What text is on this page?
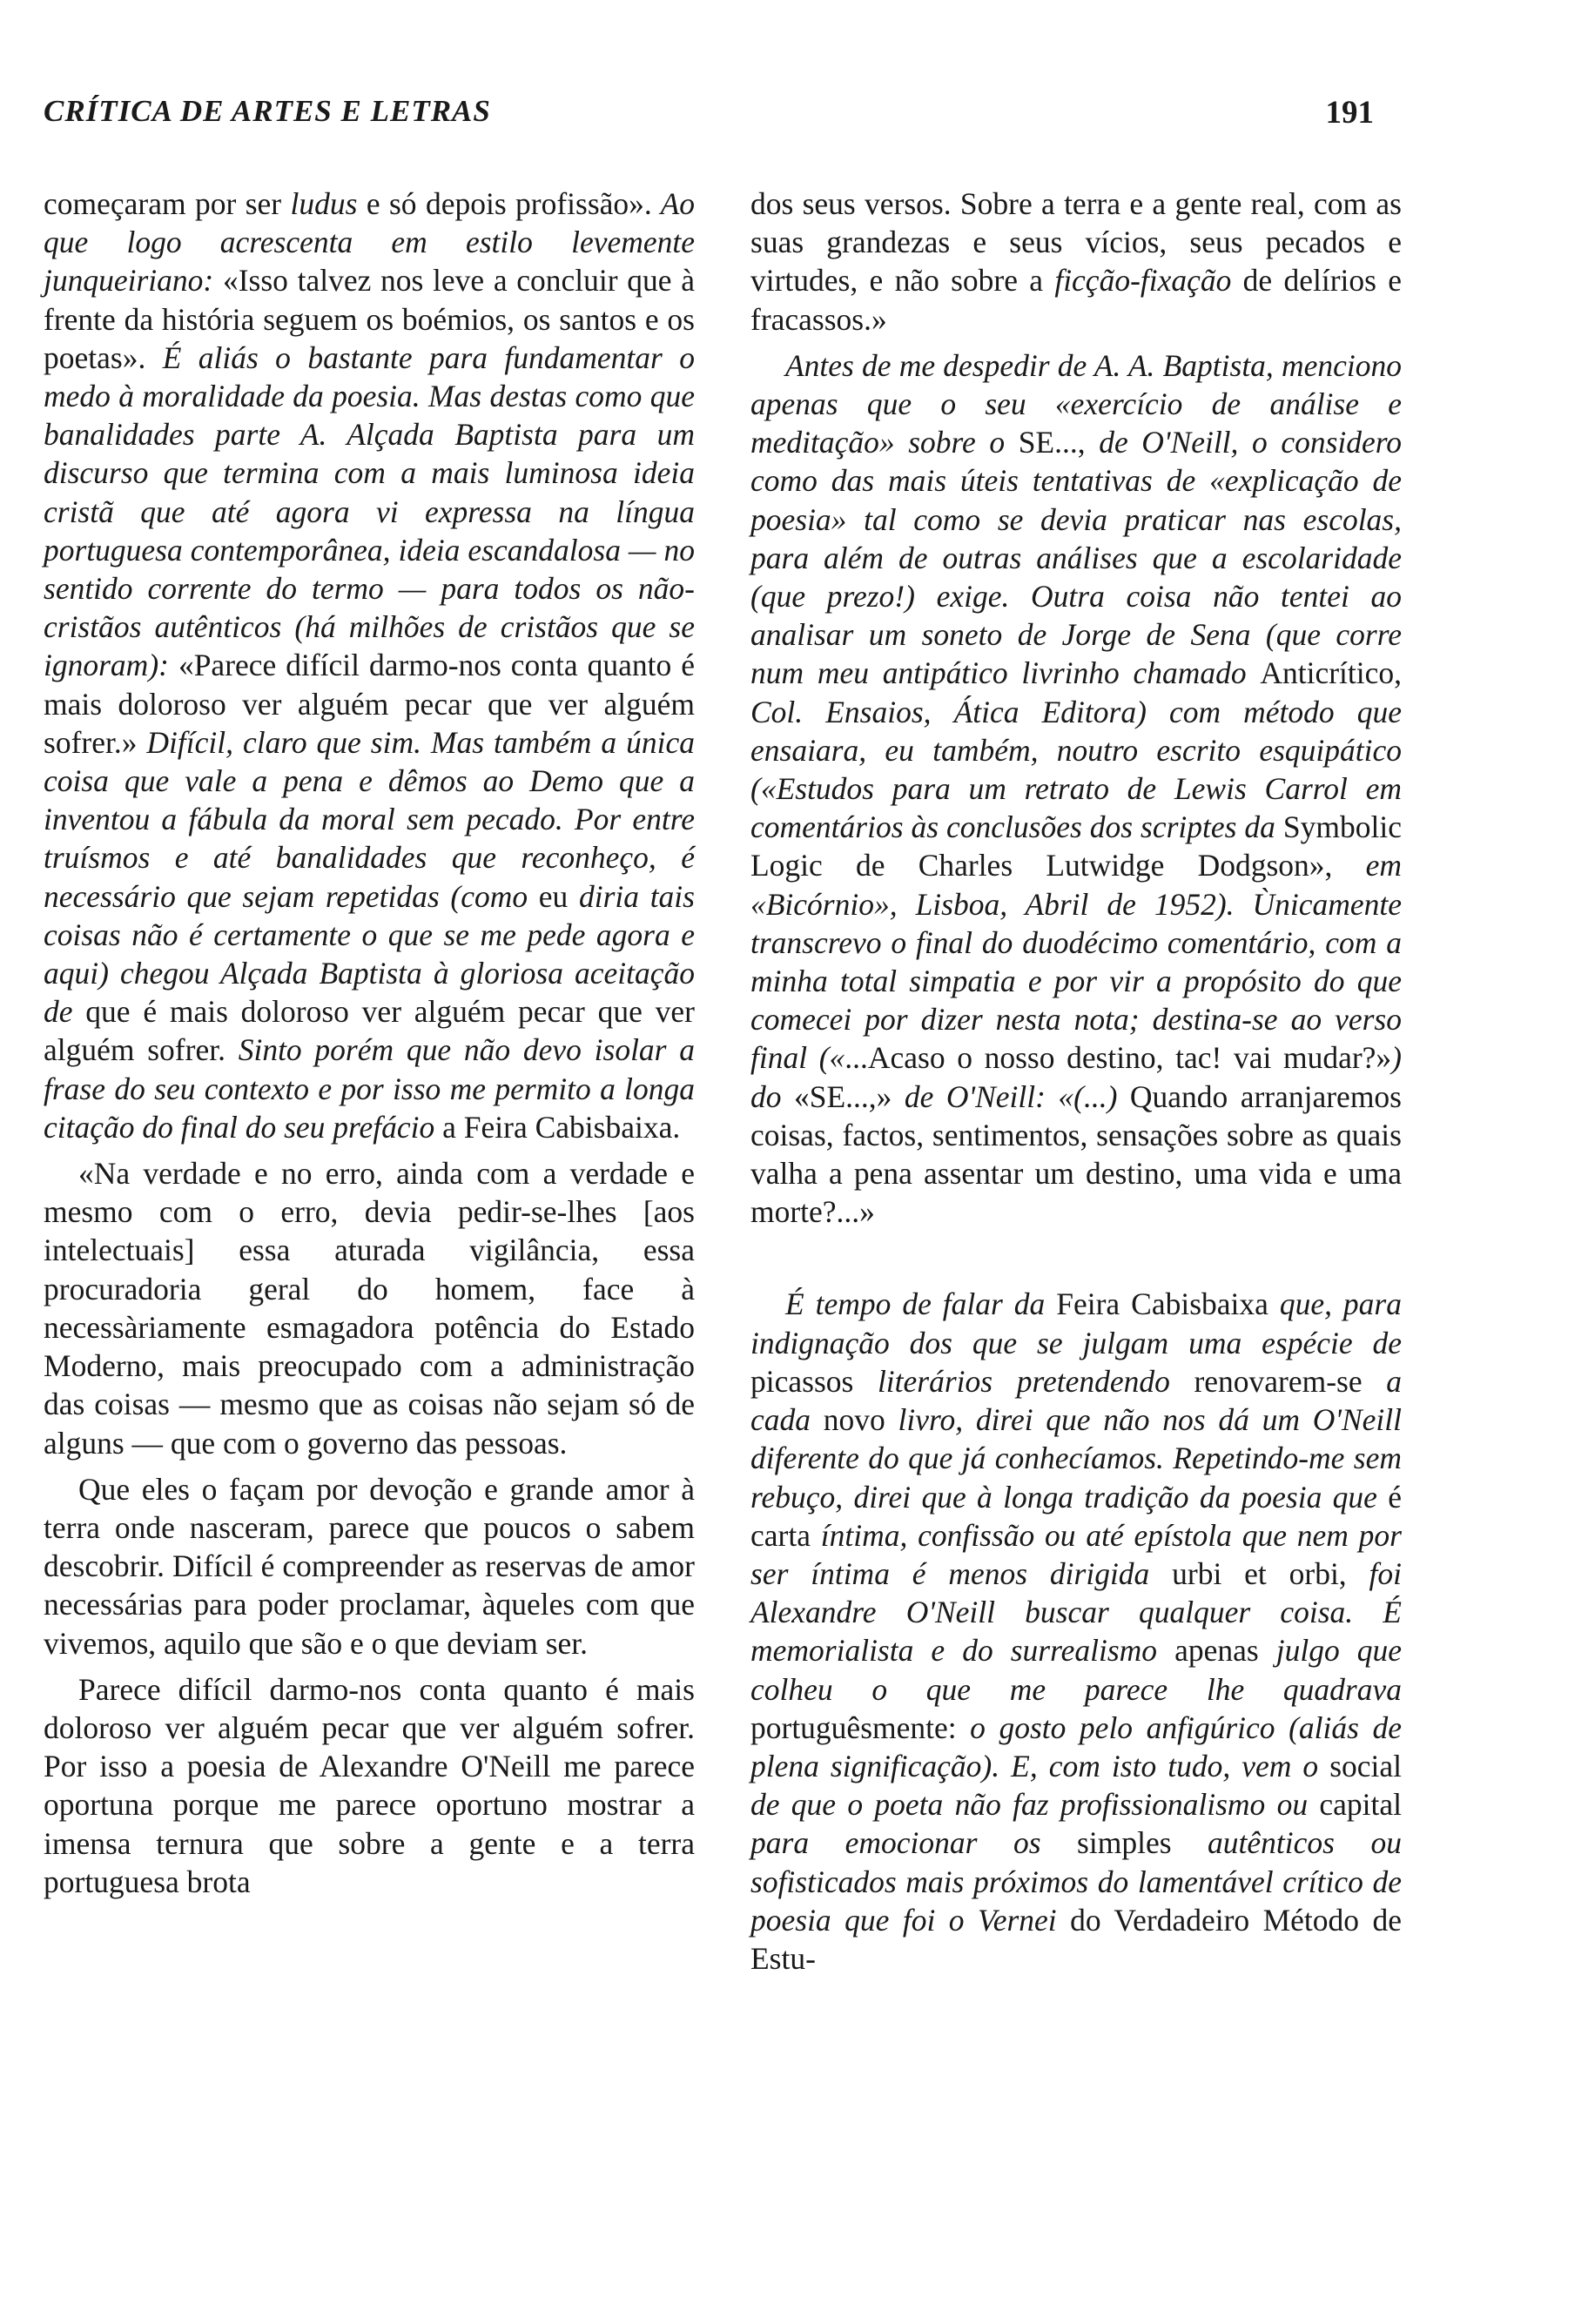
CRÍTICA DE ARTES E LETRAS	191

começaram por ser ludus e só depois profissão». Ao que logo acrescenta em estilo levemente junqueiriano: «Isso talvez nos leve a concluir que à frente da história seguem os boémios, os santos e os poetas». É aliás o bastante para fundamentar o medo à moralidade da poesia. Mas destas como que banalidades parte A. Alçada Baptista para um discurso que termina com a mais luminosa ideia cristã que até agora vi expressa na língua portuguesa contemporânea, ideia escandalosa — no sentido corrente do termo — para todos os não-cristãos autênticos (há milhões de cristãos que se ignoram): «Parece difícil darmo-nos conta quanto é mais doloroso ver alguém pecar que ver alguém sofrer.» Difícil, claro que sim. Mas também a única coisa que vale a pena e dêmos ao Demo que a inventou a fábula da moral sem pecado. Por entre truísmos e até banalidades que reconheço, é necessário que sejam repetidas (como eu diria tais coisas não é certamente o que se me pede agora e aqui) chegou Alçada Baptista à gloriosa aceitação de que é mais doloroso ver alguém pecar que ver alguém sofrer. Sinto porém que não devo isolar a frase do seu contexto e por isso me permito a longa citação do final do seu prefácio a Feira Cabisbaixa.

«Na verdade e no erro, ainda com a verdade e mesmo com o erro, devia pedir-se-lhes [aos intelectuais] essa aturada vigilância, essa procuradoria geral do homem, face à necessàriamente esmagadora potência do Estado Moderno, mais preocupado com a administração das coisas — mesmo que as coisas não sejam só de alguns — que com o governo das pessoas.

Que eles o façam por devoção e grande amor à terra onde nasceram, parece que poucos o sabem descobrir. Difícil é compreender as reservas de amor necessárias para poder proclamar, àqueles com que vivemos, aquilo que são e o que deviam ser.

Parece difícil darmo-nos conta quanto é mais doloroso ver alguém pecar que ver alguém sofrer. Por isso a poesia de Alexandre O'Neill me parece oportuna porque me parece oportuno mostrar a imensa ternura que sobre a gente e a terra portuguesa brota

dos seus versos. Sobre a terra e a gente real, com as suas grandezas e seus vícios, seus pecados e virtudes, e não sobre a ficção-fixação de delírios e fracassos.»

Antes de me despedir de A. A. Baptista, menciono apenas que o seu «exercício de análise e meditação» sobre o SE..., de O'Neill, o considero como das mais úteis tentativas de «explicação de poesia» tal como se devia praticar nas escolas, para além de outras análises que a escolaridade (que prezo!) exige. Outra coisa não tentei ao analisar um soneto de Jorge de Sena (que corre num meu antipático livrinho chamado Anticrítico, Col. Ensaios, Ática Editora) com método que ensaiara, eu também, noutro escrito esquipático («Estudos para um retrato de Lewis Carrol em comentários às conclusões dos scriptes da Symbolic Logic de Charles Lutwidge Dodgson», em «Bicórnio», Lisboa, Abril de 1952). Ùnicamente transcrevo o final do duodécimo comentário, com a minha total simpatia e por vir a propósito do que comecei por dizer nesta nota; destina-se ao verso final («...Acaso o nosso destino, tac! vai mudar?») do «SE...,» de O'Neill: «(...) Quando arranjaremos coisas, factos, sentimentos, sensações sobre as quais valha a pena assentar um destino, uma vida e uma morte?...»

É tempo de falar da Feira Cabisbaixa que, para indignação dos que se julgam uma espécie de picassos literários pretendendo renovarem-se a cada novo livro, direi que não nos dá um O'Neill diferente do que já conhecíamos. Repetindo-me sem rebuço, direi que à longa tradição da poesia que é carta íntima, confissão ou até epístola que nem por ser íntima é menos dirigida urbi et orbi, foi Alexandre O'Neill buscar qualquer coisa. É memorialista e do surrealismo apenas julgo que colheu o que me parece lhe quadrava portuguêsmente: o gosto pelo anfigúrico (aliás de plena significação). E, com isto tudo, vem o social de que o poeta não faz profissionalismo ou capital para emocionar os simples autênticos ou sofisticados mais próximos do lamentável crítico de poesia que foi o Vernei do Verdadeiro Método de Estu-
